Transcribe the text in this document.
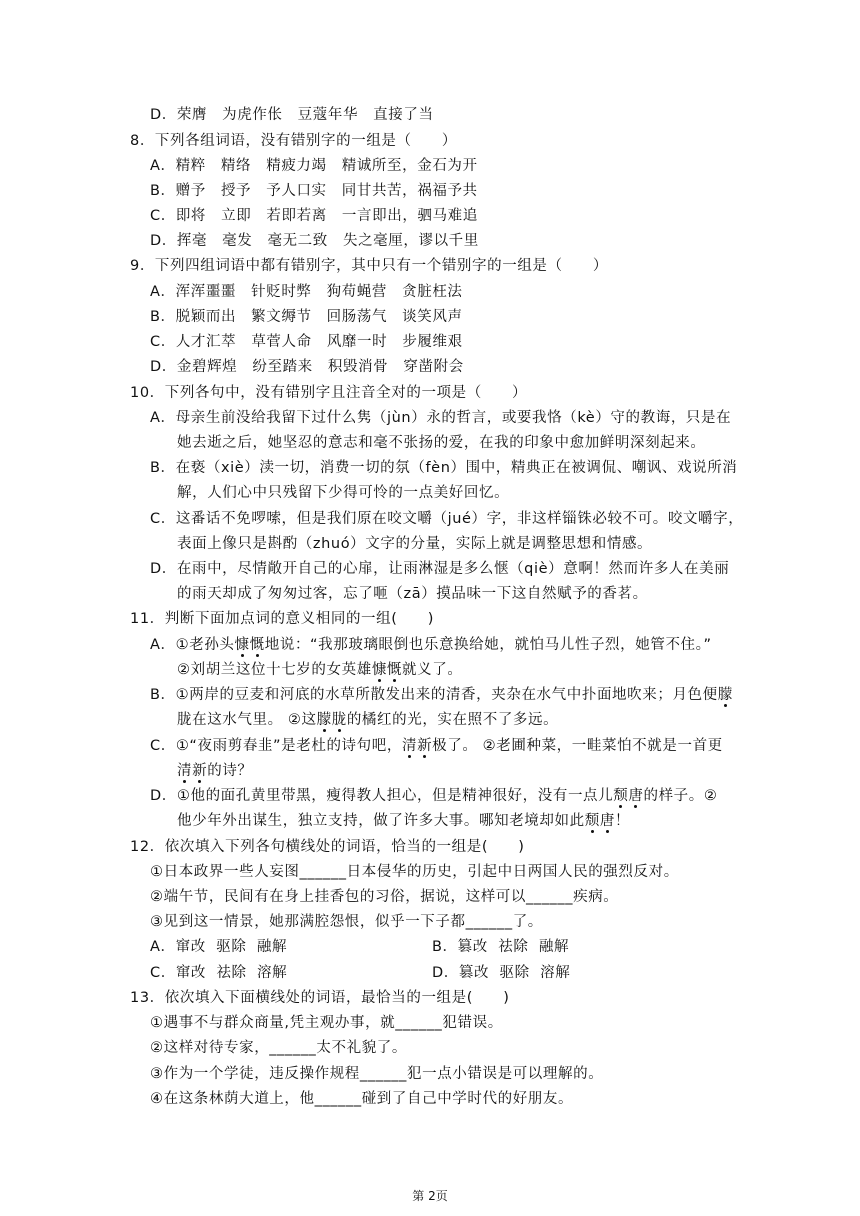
D．荣膺　为虎作伥　豆蔻年华　直接了当
8．下列各组词语，没有错别字的一组是（　　）
A．精粹　精络　精疲力竭　精诚所至，金石为开
B．赠予　授予　予人口实　同甘共苦，祸福予共
C．即将　立即　若即若离　一言即出，驷马难追
D．挥毫　毫发　毫无二致　失之毫厘，谬以千里
9．下列四组词语中都有错别字，其中只有一个错别字的一组是（　　）
A．浑浑噩噩　针贬时弊　狗苟蝇营　贪脏枉法
B．脱颖而出　繁文缛节　回肠荡气　谈笑风声
C．人才汇萃　草菅人命　风靡一时　步履维艰
D．金碧辉煌　纷至踏来　积毁消骨　穿凿附会
10．下列各句中，没有错别字且注音全对的一项是（　　）
A．母亲生前没给我留下过什么隽（jùn）永的哲言，或要我恪（kè）守的教诲，只是在
她去逝之后，她坚忍的意志和毫不张扬的爱，在我的印象中愈加鲜明深刻起来。
B．在亵（xiè）渎一切，消费一切的氛（fèn）围中，精典正在被调侃、嘲讽、戏说所消
解，人们心中只残留下少得可怜的一点美好回忆。
C．这番话不免啰嗦，但是我们原在咬文嚼（jué）字，非这样锱铢必较不可。咬文嚼字，
表面上像只是斟酌（zhuó）文字的分量，实际上就是调整思想和情感。
D．在雨中，尽情敞开自己的心扉，让雨淋湿是多么惬（qiè）意啊！然而许多人在美丽
的雨天却成了匆匆过客，忘了咂（zā）摸品味一下这自然赋予的香茗。
11．判断下面加点词的意义相同的一组(　　)
A．①老孙头慷慨地说：“我那玻璃眼倒也乐意换给她，就怕马儿性子烈，她管不住。”
②刘胡兰这位十七岁的女英雄慷慨就义了。
B．①两岸的豆麦和河底的水草所散发出来的清香，夹杂在水气中扑面地吹来；月色便朦
胧在这水气里。 ②这朦胧的橘红的光，实在照不了多远。
C．①“夜雨剪春韭”是老杜的诗句吧，清新极了。 ②老圃种菜，一畦菜怕不就是一首更
清新的诗？
D．①他的面孔黄里带黑，瘦得教人担心，但是精神很好，没有一点儿颓唐的样子。②
他少年外出谋生，独立支持，做了许多大事。哪知老境却如此颓唐！
12．依次填入下列各句横线处的词语，恰当的一组是(　　)
①日本政界一些人妄图______日本侵华的历史，引起中日两国人民的强烈反对。
②端午节，民间有在身上挂香包的习俗，据说，这样可以______疾病。
③见到这一情景，她那满腔怨恨，似乎一下子都______了。
A．窜改  驱除  融解	B．篡改  祛除  融解
C．窜改  祛除  溶解	D．篡改  驱除  溶解
13．依次填入下面横线处的词语，最恰当的一组是(　　)
①遇事不与群众商量,凭主观办事，就______犯错误。
②这样对待专家，______太不礼貌了。
③作为一个学徒，违反操作规程______犯一点小错误是可以理解的。
④在这条林荫大道上，他______碰到了自己中学时代的好朋友。
第 2页
